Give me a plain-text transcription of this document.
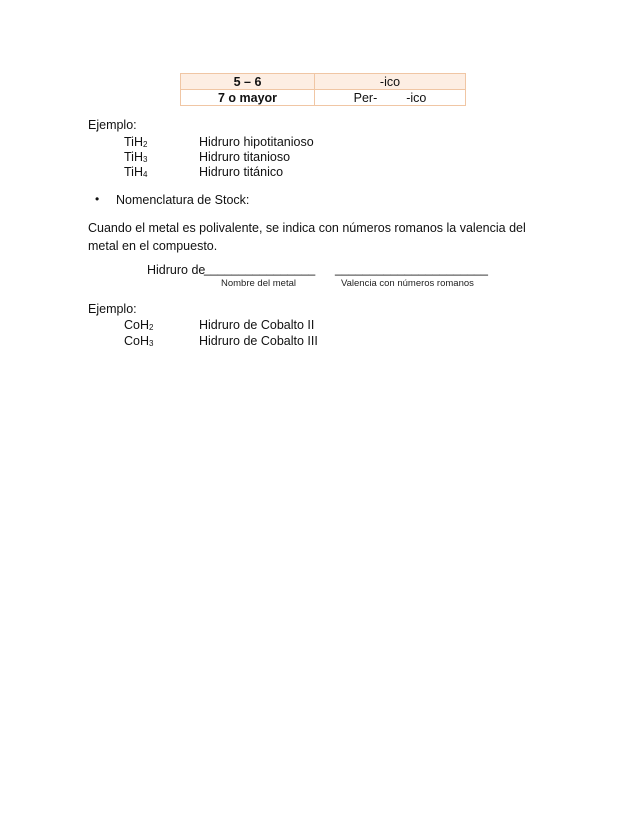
5 – 6	-ico
7 o mayor	Per- -ico
Ejemplo:
TiH2	Hidruro hipotitanioso
TiH3	Hidruro titanioso
TiH4	Hidruro titánico
• Nomenclatura de Stock:
Cuando el metal es polivalente, se indica con números romanos la valencia del
metal en el compuesto.
Hidruro de
________________ ______________________
Nombre del metal	Valencia con números romanos
Ejemplo:
CoH2	Hidruro de Cobalto II
CoH3	Hidruro de Cobalto III
